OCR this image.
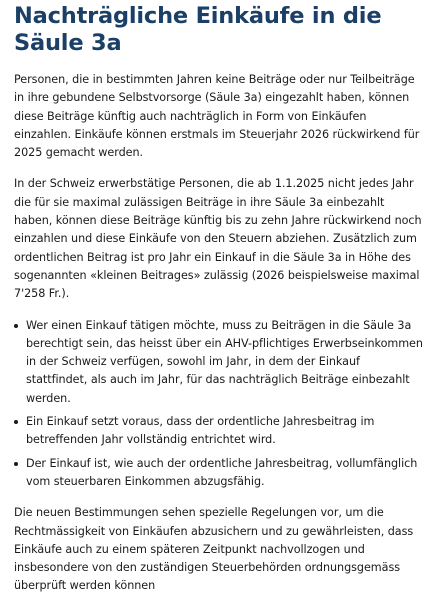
Nachträgliche Einkäufe in die Säule 3a

Personen, die in bestimmten Jahren keine Beiträge oder nur Teilbeiträge in ihre gebundene Selbstvorsorge (Säule 3a) eingezahlt haben, können diese Beiträge künftig auch nachträglich in Form von Einkäufen einzahlen. Einkäufe können erstmals im Steuerjahr 2026 rückwirkend für 2025 gemacht werden.

In der Schweiz erwerbstätige Personen, die ab 1.1.2025 nicht jedes Jahr die für sie maximal zulässigen Beiträge in ihre Säule 3a einbezahlt haben, können diese Beiträge künftig bis zu zehn Jahre rückwirkend noch einzahlen und diese Einkäufe von den Steuern abziehen. Zusätzlich zum ordentlichen Beitrag ist pro Jahr ein Einkauf in die Säule 3a in Höhe des sogenannten «kleinen Beitrages» zulässig (2026 beispielsweise maximal 7'258 Fr.).

Wer einen Einkauf tätigen möchte, muss zu Beiträgen in die Säule 3a berechtigt sein, das heisst über ein AHV-pflichtiges Erwerbseinkommen in der Schweiz verfügen, sowohl im Jahr, in dem der Einkauf stattfindet, als auch im Jahr, für das nachträglich Beiträge einbezahlt werden.
Ein Einkauf setzt voraus, dass der ordentliche Jahresbeitrag im betreffenden Jahr vollständig entrichtet wird.
Der Einkauf ist, wie auch der ordentliche Jahresbeitrag, vollumfänglich vom steuerbaren Einkommen abzugsfähig.

Die neuen Bestimmungen sehen spezielle Regelungen vor, um die Rechtmässigkeit von Einkäufen abzusichern und zu gewährleisten, dass Einkäufe auch zu einem späteren Zeitpunkt nachvollzogen und insbesondere von den zuständigen Steuerbehörden ordnungsgemäss überprüft werden können
